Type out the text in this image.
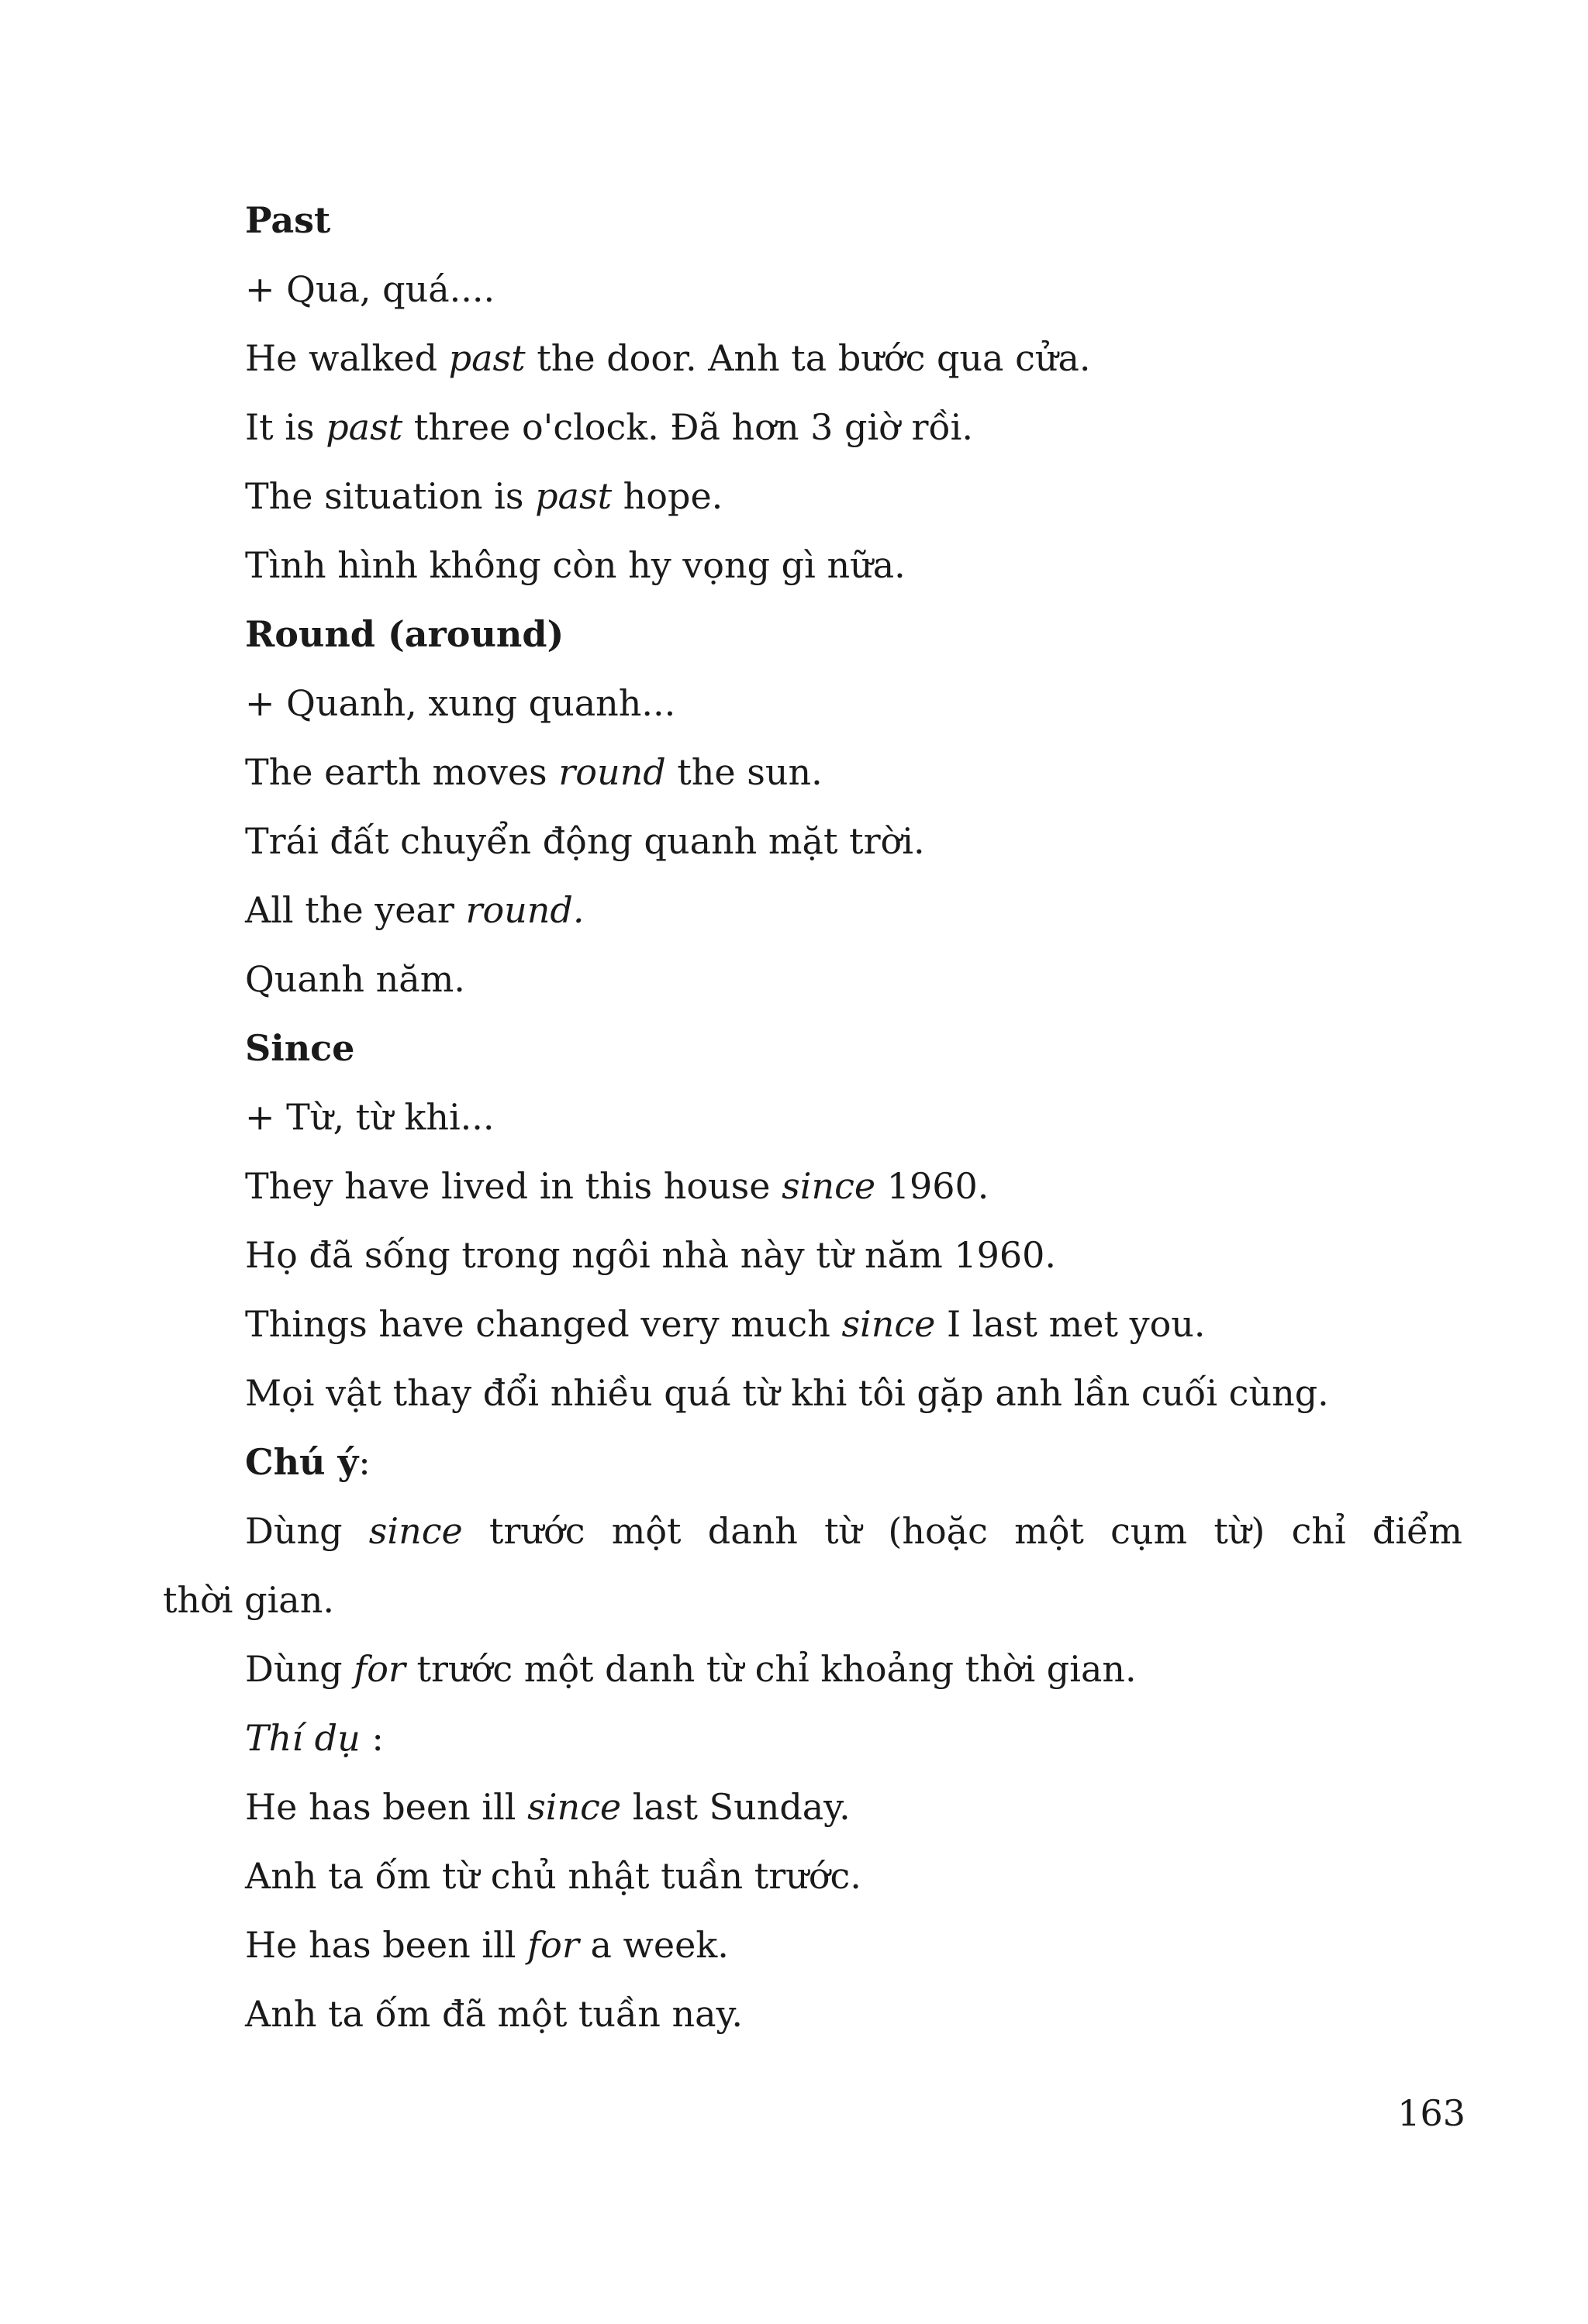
Past
+ Qua, quá....
He walked past the door. Anh ta bước qua cửa.
It is past three o'clock. Đã hơn 3 giờ rồi.
The situation is past hope.
Tình hình không còn hy vọng gì nữa.
Round (around)
+ Quanh, xung quanh...
The earth moves round the sun.
Trái đất chuyển động quanh mặt trời.
All the year round.
Quanh năm.
Since
+ Từ, từ khi...
They have lived in this house since 1960.
Họ đã sống trong ngôi nhà này từ năm 1960.
Things have changed very much since I last met you.
Mọi vật thay đổi nhiều quá từ khi tôi gặp anh lần cuối cùng.
Chú ý:
Dùng since trước một danh từ (hoặc một cụm từ) chỉ điểm
thời gian.
Dùng for trước một danh từ chỉ khoảng thời gian.
Thí dụ :
He has been ill since last Sunday.
Anh ta ốm từ chủ nhật tuần trước.
He has been ill for a week.
Anh ta ốm đã một tuần nay.
163
